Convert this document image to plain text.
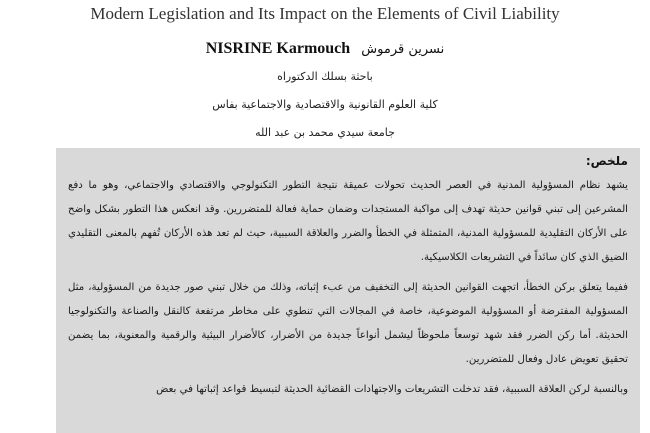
Modern Legislation and Its Impact on the Elements of Civil Liability
NISRINE Karmouch نسرين قرموش
باحثة بسلك الدكتوراه
كلية العلوم القانونية والاقتصادية والاجتماعية بفاس
جامعة سيدي محمد بن عبد الله
ملخص:

يشهد نظام المسؤولية المدنية في العصر الحديث تحولات عميقة نتيجة التطور التكنولوجي والاقتصادي والاجتماعي، وهو ما دفع المشرعين إلى تبني قوانين حديثة تهدف إلى مواكبة المستجدات وضمان حماية فعالة للمتضررين. وقد انعكس هذا التطور بشكل واضح على الأركان التقليدية للمسؤولية المدنية، المتمثلة في الخطأ والضرر والعلاقة السببية، حيث لم تعد هذه الأركان تُفهم بالمعنى التقليدي الضيق الذي كان سائداً في التشريعات الكلاسيكية.

ففيما يتعلق بركن الخطأ، اتجهت القوانين الحديثة إلى التخفيف من عبء إثباته، وذلك من خلال تبني صور جديدة من المسؤولية، مثل المسؤولية المفترضة أو المسؤولية الموضوعية، خاصة في المجالات التي تنطوي على مخاطر مرتفعة كالنقل والصناعة والتكنولوجيا الحديثة. أما ركن الضرر فقد شهد توسعاً ملحوظاً ليشمل أنواعاً جديدة من الأضرار، كالأضرار البيئية والرقمية والمعنوية، بما يضمن تحقيق تعويض عادل وفعال للمتضررين.

وبالنسبة لركن العلاقة السببية، فقد تدخلت التشريعات والاجتهادات القضائية الحديثة لتبسيط قواعد إثباتها في بعض
